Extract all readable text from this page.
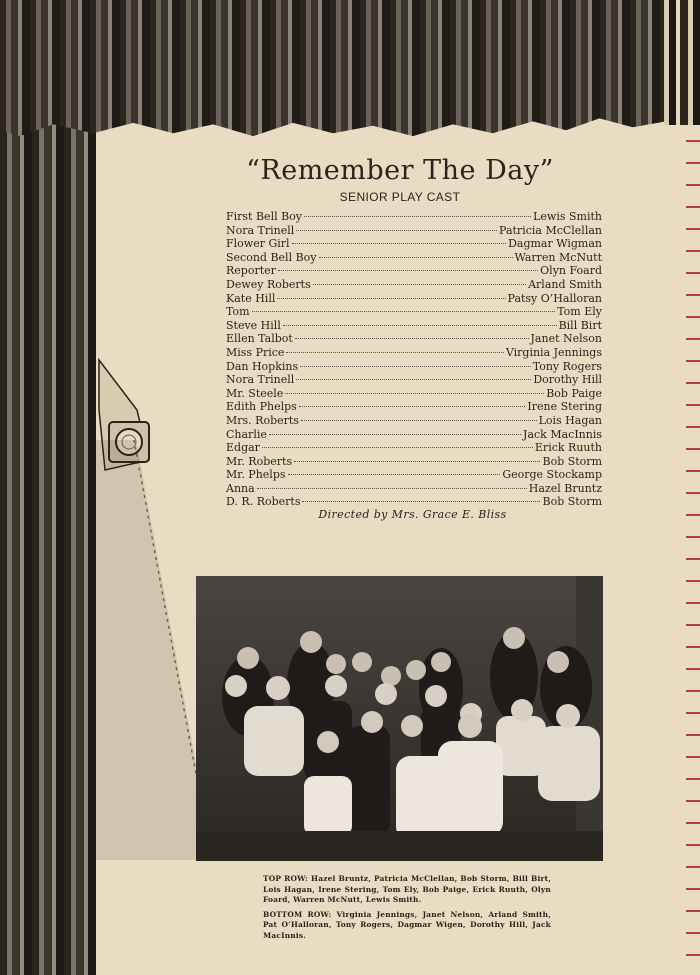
“Remember The Day”
SENIOR PLAY CAST
First Bell Boy	Lewis Smith
Nora Trinell	Patricia McClellan
Flower Girl	Dagmar Wigman
Second Bell Boy	Warren McNutt
Reporter	Olyn Foard
Dewey Roberts	Arland Smith
Kate Hill	Patsy O’Halloran
Tom	Tom Ely
Steve Hill	Bill Birt
Ellen Talbot	Janet Nelson
Miss Price	Virginia Jennings
Dan Hopkins	Tony Rogers
Nora Trinell	Dorothy Hill
Mr. Steele	Bob Paige
Edith Phelps	Irene Stering
Mrs. Roberts	Lois Hagan
Charlie	Jack MacInnis
Edgar	Erick Ruuth
Mr. Roberts	Bob Storm
Mr. Phelps	George Stockamp
Anna	Hazel Bruntz
D. R. Roberts	Bob Storm
Directed by Mrs. Grace E. Bliss

TOP ROW: Hazel Bruntz, Patricia McClellan, Bob Storm, Bill Birt, Lois Hagan, Irene Stering, Tom Ely, Bob Paige, Erick Ruuth, Olyn Foard, Warren McNutt, Lewis Smith.

BOTTOM ROW: Virginia Jennings, Janet Nelson, Arland Smith, Pat O’Halloran, Tony Rogers, Dagmar Wigen, Dorothy Hill, Jack MacInnis.
